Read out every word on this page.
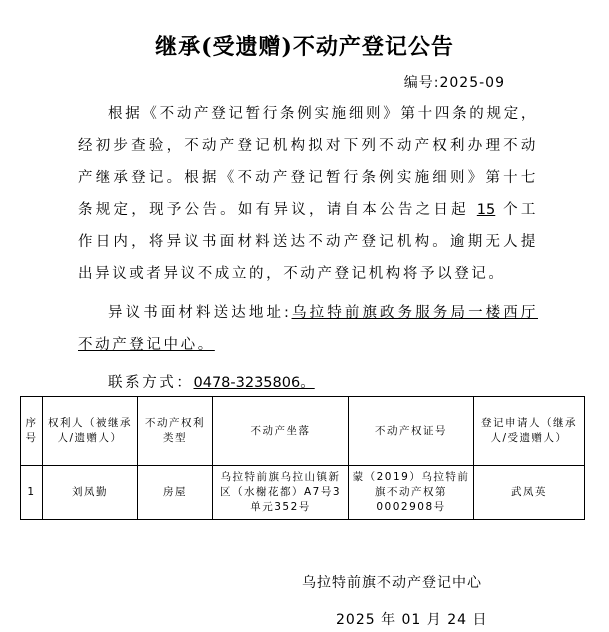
继承(受遗赠)不动产登记公告
编号:2025-09
根据《不动产登记暂行条例实施细则》第十四条的规定，经初步查验，不动产登记机构拟对下列不动产权利办理不动产继承登记。根据《不动产登记暂行条例实施细则》第十七条规定，现予公告。如有异议，请自本公告之日起 15 个工作日内，将异议书面材料送达不动产登记机构。逾期无人提出异议或者异议不成立的，不动产登记机构将予以登记。
异议书面材料送达地址:乌拉特前旗政务服务局一楼西厅不动产登记中心。
联系方式：0478-3235806。
序号	权利人（被继承人/遗赠人）	不动产权利类型	不动产坐落	不动产权证号	登记申请人（继承人/受遗赠人）
1	刘凤勤	房屋	乌拉特前旗乌拉山镇新区（水榭花都）A7号3单元352号	蒙（2019）乌拉特前旗不动产权第0002908号	武凤英
乌拉特前旗不动产登记中心
2025 年 01 月 24 日
